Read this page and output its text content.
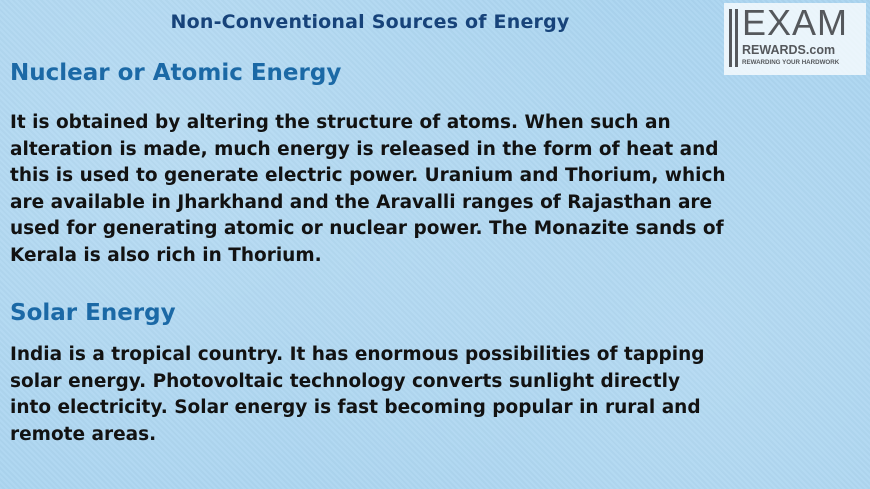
Non-Conventional Sources of Energy	EXAM
REWARDS.com
REWARDING YOUR HARDWORK
Nuclear or Atomic Energy
It is obtained by altering the structure of atoms. When such an
alteration is made, much energy is released in the form of heat and
this is used to generate electric power. Uranium and Thorium, which
are available in Jharkhand and the Aravalli ranges of Rajasthan are
used for generating atomic or nuclear power. The Monazite sands of
Kerala is also rich in Thorium.
Solar Energy
India is a tropical country. It has enormous possibilities of tapping
solar energy. Photovoltaic technology converts sunlight directly
into electricity. Solar energy is fast becoming popular in rural and
remote areas.
